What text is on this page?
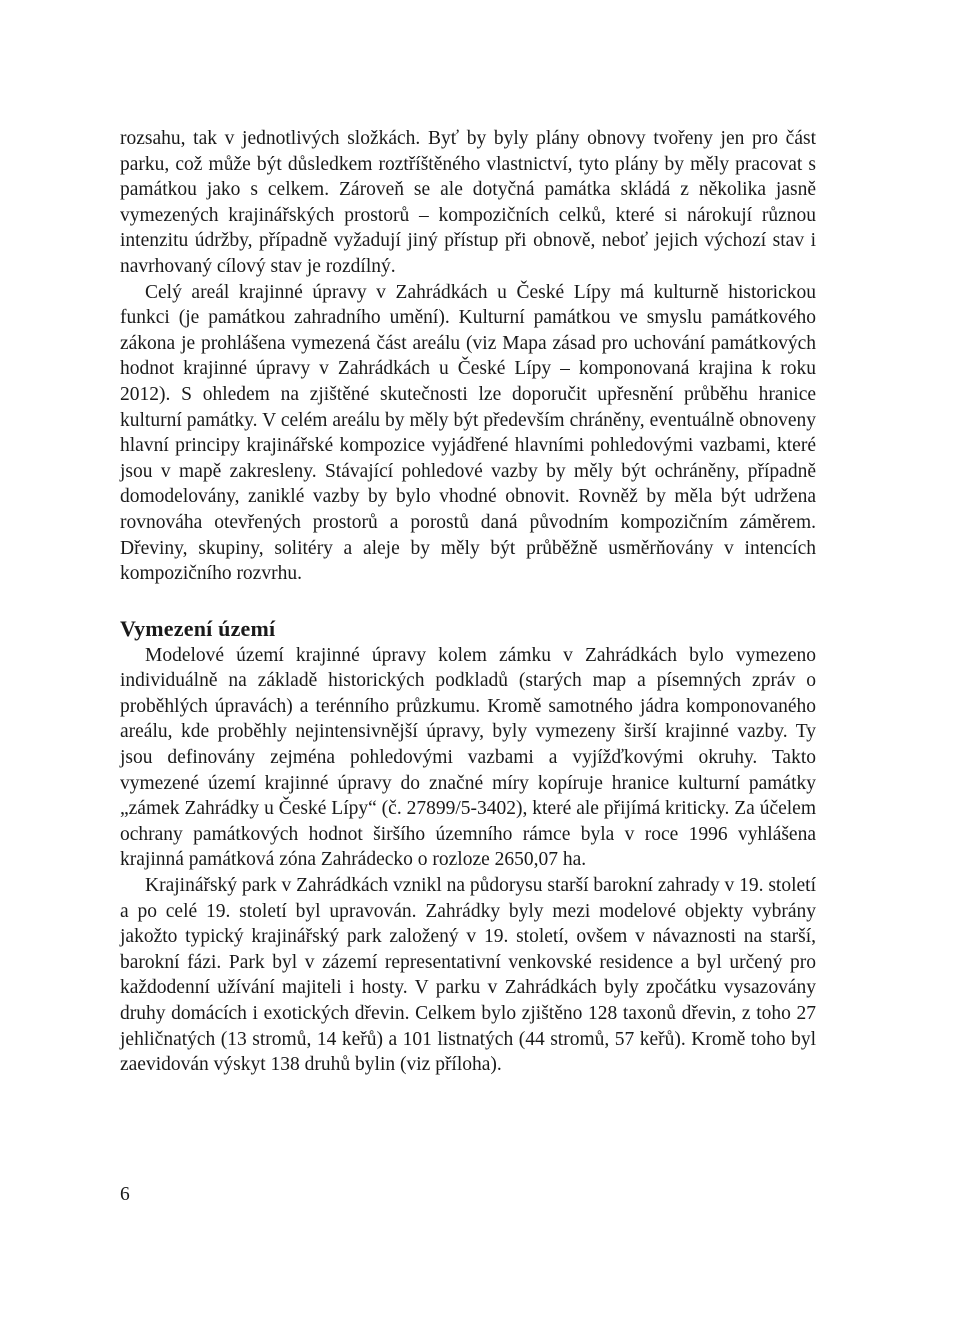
rozsahu, tak v jednotlivých složkách. Byť by byly plány obnovy tvořeny jen pro část parku, což může být důsledkem roztříštěného vlastnictví, tyto plány by měly pracovat s památkou jako s celkem. Zároveň se ale dotyčná památka skládá z několika jasně vymezených krajinářských prostorů – kompozičních celků, které si nárokují různou intenzitu údržby, případně vyžadují jiný přístup při obnově, neboť jejich výchozí stav i navrhovaný cílový stav je rozdílný.

Celý areál krajinné úpravy v Zahrádkách u České Lípy má kulturně historickou funkci (je památkou zahradního umění). Kulturní památkou ve smyslu památkového zákona je prohlášena vymezená část areálu (viz Mapa zásad pro uchování památkových hodnot krajinné úpravy v Zahrádkách u České Lípy – komponovaná krajina k roku 2012). S ohledem na zjištěné skutečnosti lze doporučit upřesnění průběhu hranice kulturní památky. V celém areálu by měly být především chráněny, eventuálně obnoveny hlavní principy krajinářské kompozice vyjádřené hlavními pohledovými vazbami, které jsou v mapě zakresleny. Stávající pohledové vazby by měly být ochráněny, případně domodelovány, zaniklé vazby by bylo vhodné obnovit. Rovněž by měla být udržena rovnováha otevřených prostorů a porostů daná původním kompozičním záměrem. Dřeviny, skupiny, solitéry a aleje by měly být průběžně usměrňovány v intencích kompozičního rozvrhu.

Vymezení území

Modelové území krajinné úpravy kolem zámku v Zahrádkách bylo vymezeno individuálně na základě historických podkladů (starých map a písemných zpráv o proběhlých úpravách) a terénního průzkumu. Kromě samotného jádra komponovaného areálu, kde proběhly nejintensivnější úpravy, byly vymezeny širší krajinné vazby. Ty jsou definovány zejména pohledovými vazbami a vyjížďkovými okruhy. Takto vymezené území krajinné úpravy do značné míry kopíruje hranice kulturní památky „zámek Zahrádky u České Lípy“ (č. 27899/5-3402), které ale přijímá kriticky. Za účelem ochrany památkových hodnot širšího územního rámce byla v roce 1996 vyhlášena krajinná památková zóna Zahrádecko o rozloze 2650,07 ha.

Krajinářský park v Zahrádkách vznikl na půdorysu starší barokní zahrady v 19. století a po celé 19. století byl upravován. Zahrádky byly mezi modelové objekty vybrány jakožto typický krajinářský park založený v 19. století, ovšem v návaznosti na starší, barokní fázi. Park byl v zázemí representativní venkovské residence a byl určený pro každodenní užívání majiteli i hosty. V parku v Zahrádkách byly zpočátku vysazovány druhy domácích i exotických dřevin. Celkem bylo zjištěno 128 taxonů dřevin, z toho 27 jehličnatých (13 stromů, 14 keřů) a 101 listnatých (44 stromů, 57 keřů). Kromě toho byl zaevidován výskyt 138 druhů bylin (viz příloha).

6
